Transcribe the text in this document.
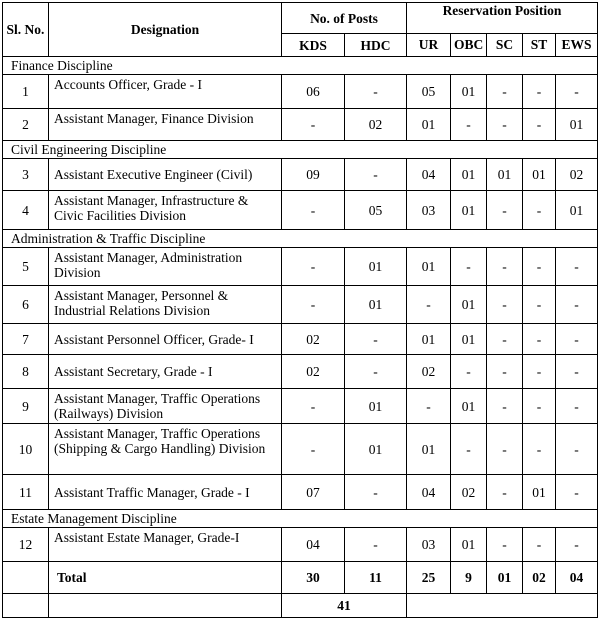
Sl. No.	Designation	No. of Posts		Reservation Position				
		KDS	HDC	UR	OBC	SC	ST	EWS
Finance Discipline								
1	Accounts Officer, Grade - I	06	-	05	01	-	-	-
2	Assistant Manager, Finance Division	-	02	01	-	-	-	01
Civil Engineering Discipline								
3	Assistant Executive Engineer (Civil)	09	-	04	01	01	01	02
4	Assistant Manager, Infrastructure & Civic Facilities Division	-	05	03	01	-	-	01
Administration & Traffic Discipline								
5	Assistant Manager, Administration Division	-	01	01	-	-	-	-
6	Assistant Manager, Personnel & Industrial Relations Division	-	01	-	01	-	-	-
7	Assistant Personnel Officer, Grade- I	02	-	01	01	-	-	-
8	Assistant Secretary, Grade - I	02	-	02	-	-	-	-
9	Assistant Manager, Traffic Operations (Railways) Division	-	01	-	01	-	-	-
10	Assistant Manager, Traffic Operations (Shipping & Cargo Handling) Division	-	01	01	-	-	-	-
11	Assistant Traffic Manager, Grade - I	07	-	04	02	-	01	-
Estate Management Discipline								
12	Assistant Estate Manager, Grade-I	04	-	03	01	-	-	-
	Total	30	11	25	9	01	02	04
		41						
